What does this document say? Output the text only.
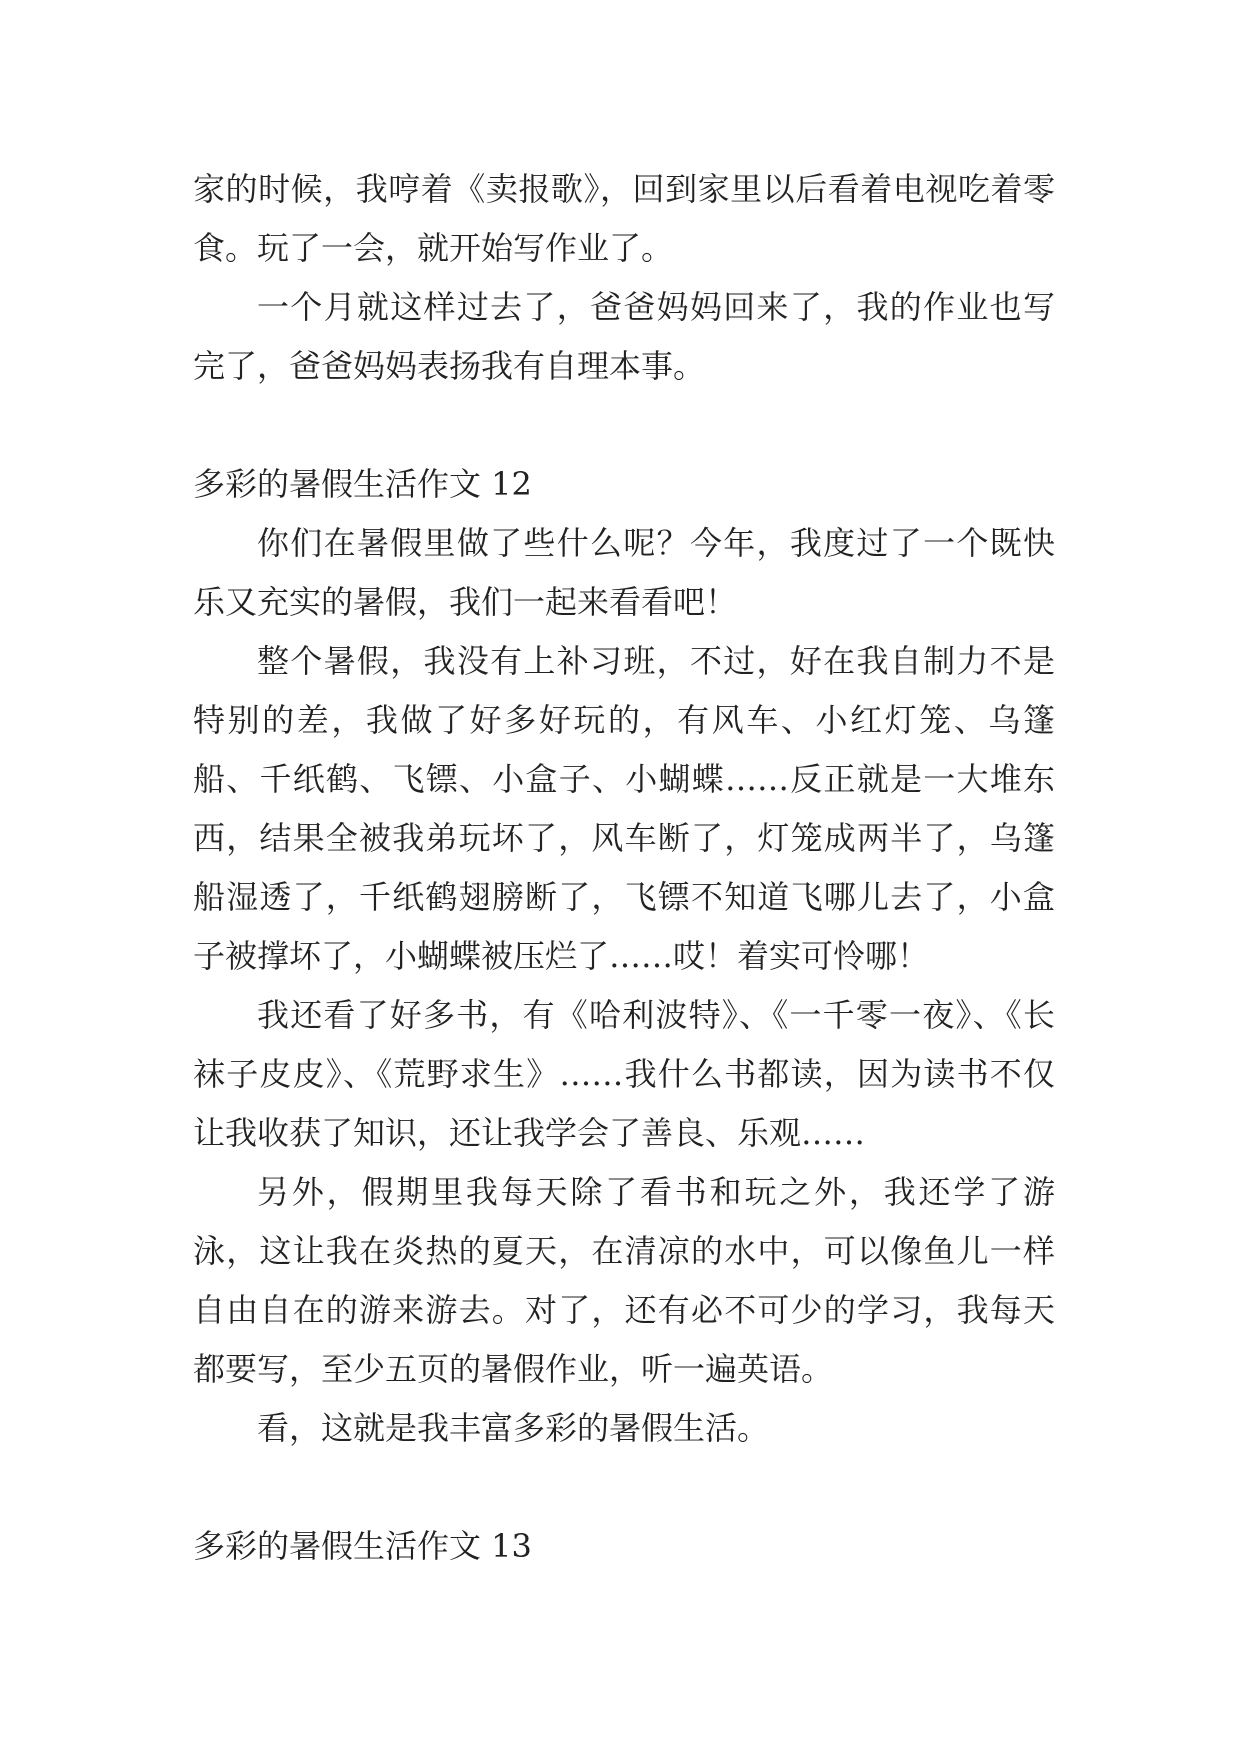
家的时候，我哼着《卖报歌》，回到家里以后看着电视吃着零食。玩了一会，就开始写作业了。

一个月就这样过去了，爸爸妈妈回来了，我的作业也写完了，爸爸妈妈表扬我有自理本事。

多彩的暑假生活作文 12

你们在暑假里做了些什么呢？今年，我度过了一个既快乐又充实的暑假，我们一起来看看吧！

整个暑假，我没有上补习班，不过，好在我自制力不是特别的差，我做了好多好玩的，有风车、小红灯笼、乌篷船、千纸鹤、飞镖、小盒子、小蝴蝶……反正就是一大堆东西，结果全被我弟玩坏了，风车断了，灯笼成两半了，乌篷船湿透了，千纸鹤翅膀断了，飞镖不知道飞哪儿去了，小盒子被撑坏了，小蝴蝶被压烂了……哎！着实可怜哪！

我还看了好多书，有《哈利波特》、《一千零一夜》、《长袜子皮皮》、《荒野求生》……我什么书都读，因为读书不仅让我收获了知识，还让我学会了善良、乐观……

另外，假期里我每天除了看书和玩之外，我还学了游泳，这让我在炎热的夏天，在清凉的水中，可以像鱼儿一样自由自在的游来游去。对了，还有必不可少的学习，我每天都要写，至少五页的暑假作业，听一遍英语。

看，这就是我丰富多彩的暑假生活。

多彩的暑假生活作文 13
